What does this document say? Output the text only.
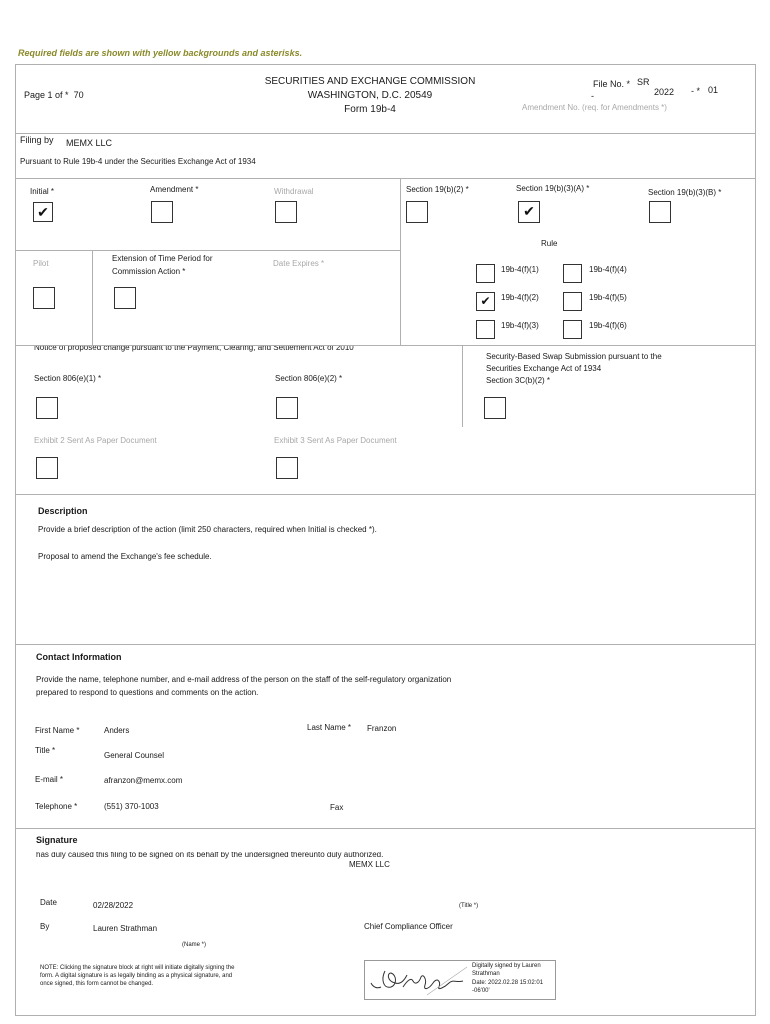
Required fields are shown with yellow backgrounds and asterisks.
Page 1 of * 70
SECURITIES AND EXCHANGE COMMISSION
WASHINGTON, D.C. 20549
Form 19b-4
File No. * SR
-	2022 - * 01
Amendment No. (req. for Amendments *)
Filing by MEMX LLC
Pursuant to Rule 19b-4 under the Securities Exchange Act of 1934
Initial *
✔
Amendment *	Withdrawal	Section 19(b)(2) *	Section 19(b)(3)(A) *
✔
Section 19(b)(3)(B) *
Pilot
Extension of Time Period for
Commission Action *
Date Expires *
Rule
19b-4(f)(1)	19b-4(f)(4)
✔	19b-4(f)(2)	19b-4(f)(5)
19b-4(f)(3)	19b-4(f)(6)
Notice of proposed change pursuant to the Payment, Clearing, and Settlement Act of 2010
Section 806(e)(1) *	Section 806(e)(2) *
Security-Based Swap Submission pursuant to the
Securities Exchange Act of 1934
Section 3C(b)(2) *
Exhibit 2 Sent As Paper Document	Exhibit 3 Sent As Paper Document
Description
Provide a brief description of the action (limit 250 characters, required when Initial is checked *).
Proposal to amend the Exchange's fee schedule.
Contact Information
Provide the name, telephone number, and e-mail address of the person on the staff of the self-regulatory organization
prepared to respond to questions and comments on the action.
First Name *	Anders	Last Name * Franzon
Title *
General Counsel
E-mail *	afranzon@memx.com
Telephone *	(551) 370-1003	Fax
Signature
has duly caused this filing to be signed on its behalf by the undersigned thereunto duly authorized.
MEMX LLC
Date	02/28/2022	(Title *)
By	Lauren Strathman	Chief Compliance Officer
(Name *)
NOTE: Clicking the signature block at right will initiate digitally signing the
form. A digital signature is as legally binding as a physical signature, and
once signed, this form cannot be changed.
Digitally signed by Lauren
Strathman
Date: 2022.02.28 15:02:01
-06'00'
